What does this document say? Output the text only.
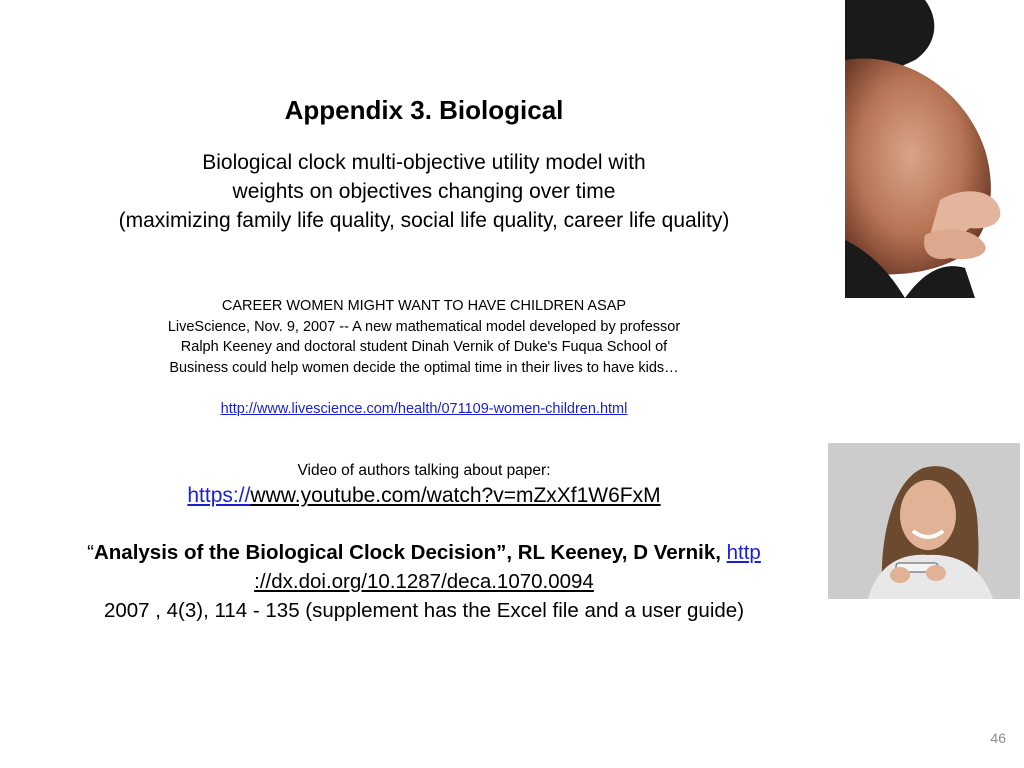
Appendix 3. Biological
Biological clock multi-objective utility model with
weights on objectives changing over time
(maximizing family life quality, social life quality, career life quality)
CAREER WOMEN MIGHT WANT TO HAVE CHILDREN ASAP
LiveScience, Nov. 9, 2007 -- A new mathematical model developed by professor
Ralph Keeney and doctoral student Dinah Vernik of Duke's Fuqua School of
Business could help women decide the optimal time in their lives to have kids…
http://www.livescience.com/health/071109-women-children.html
Video of authors talking about paper:
https://www.youtube.com/watch?v=mZxXf1W6FxM
“Analysis of the Biological Clock Decision”, RL Keeney, D Vernik, http
://dx.doi.org/10.1287/deca.1070.0094
2007 , 4(3), 114 - 135 (supplement has the Excel file and a user guide)
46
